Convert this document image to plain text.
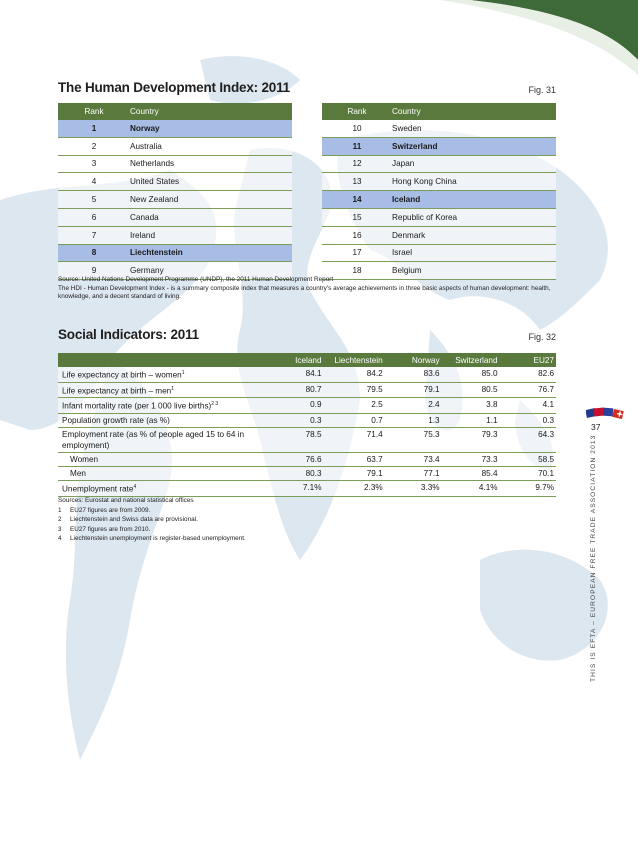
The Human Development Index: 2011	Fig. 31
Rank	Country		Rank	Country
1	Norway		10	Sweden
2	Australia		11	Switzerland
3	Netherlands		12	Japan
4	United States		13	Hong Kong China
5	New Zealand		14	Iceland
6	Canada		15	Republic of Korea
7	Ireland		16	Denmark
8	Liechtenstein		17	Israel
9	Germany		18	Belgium
Source: United Nations Development Programme (UNDP), the 2011 Human Development Report
The HDI - Human Development Index - is a summary composite index that measures a country's average achievements in three basic aspects of human development: health, knowledge, and a decent standard of living.
Social Indicators: 2011	Fig. 32
	Iceland	Liechtenstein	Norway	Switzerland	EU27
Life expectancy at birth – women$^1$	84.1	84.2	83.6	85.0	82.6
Life expectancy at birth – men$^1$	80.7	79.5	79.1	80.5	76.7
Infant mortality rate (per 1 000 live births)$^{2 3}$	0.9	2.5	2.4	3.8	4.1
Population growth rate (as %)	0.3	0.7	1.3	1.1	0.3
Employment rate (as % of people aged 15 to 64 in employment)	78.5	71.4	75.3	79.3	64.3
Women	76.6	63.7	73.4	73.3	58.5
Men	80.3	79.1	77.1	85.4	70.1
Unemployment rate$^4$	7.1%	2.3%	3.3%	4.1%	9.7%
Sources: Eurostat and national statistical offices
1	EU27 figures are from 2009.
2	Liechtenstein and Swiss data are provisional.
3	EU27 figures are from 2010.
4	Liechtenstein unemployment is register-based unemployment.
37
THIS IS EFTA – EUROPEAN FREE TRADE ASSOCIATION 2013
